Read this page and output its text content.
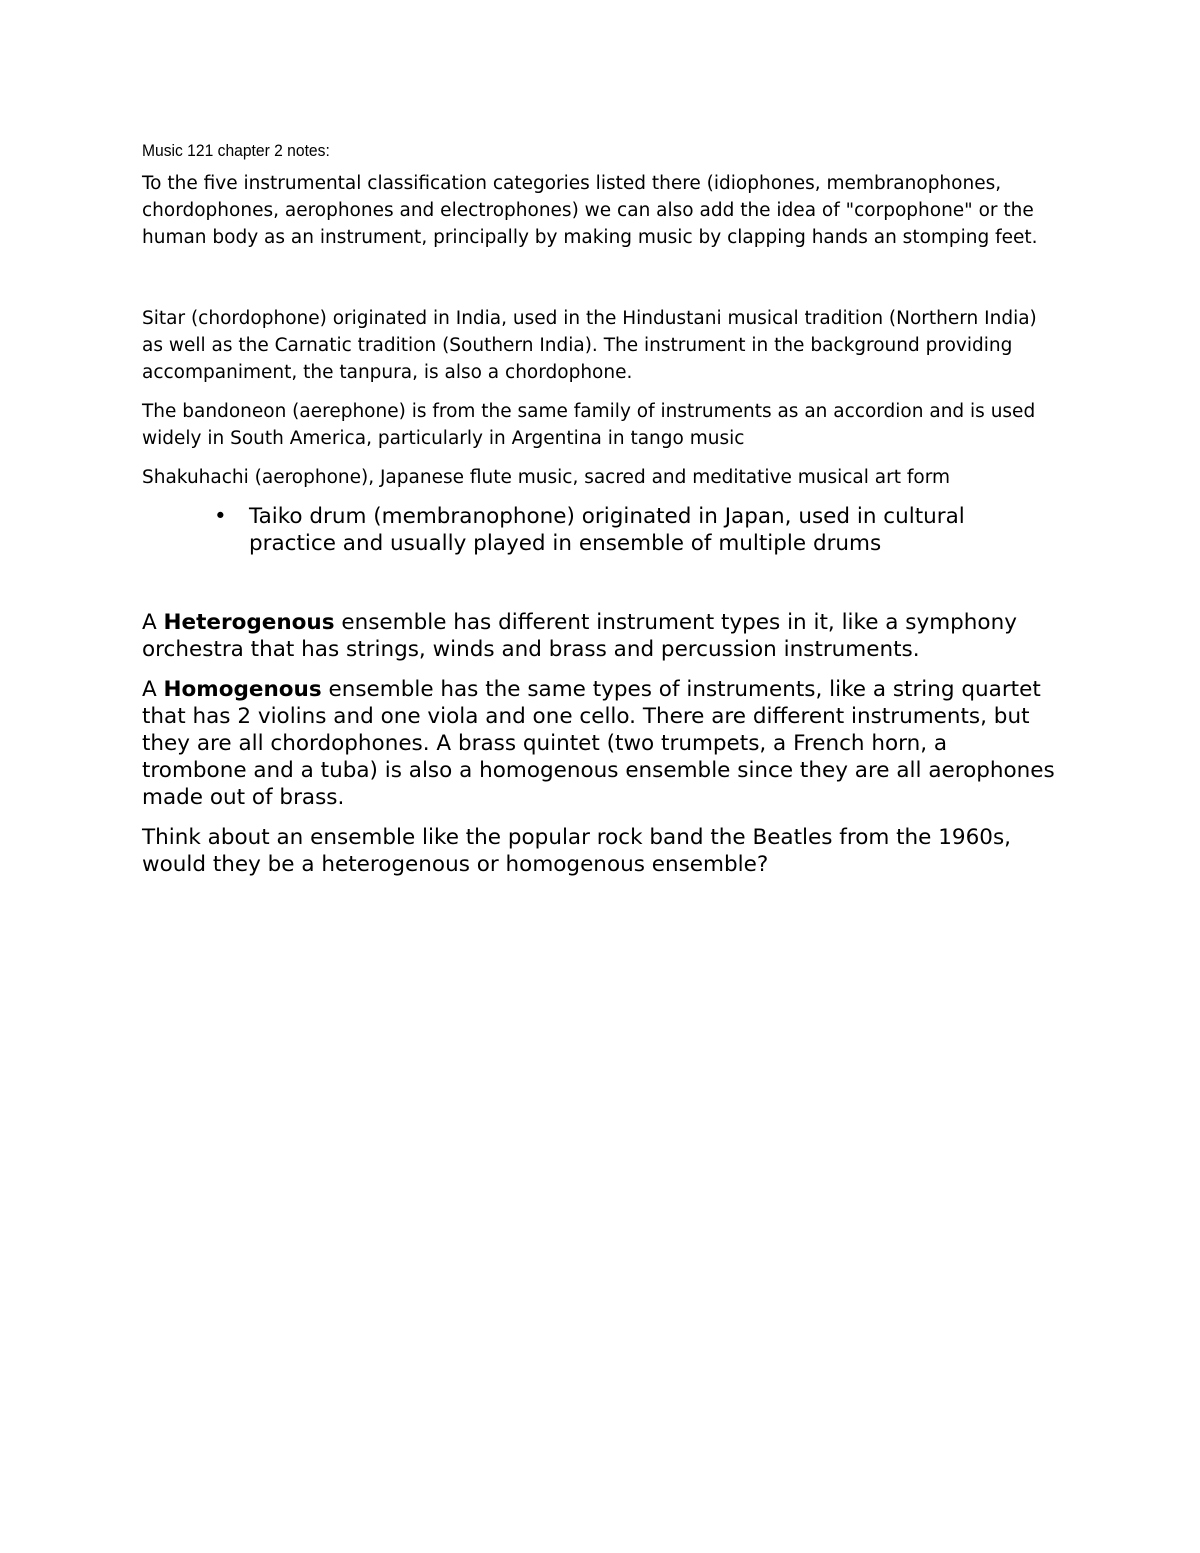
Music 121 chapter 2 notes:

To the five instrumental classification categories listed there (idiophones, membranophones, chordophones, aerophones and electrophones) we can also add the idea of "corpophone" or the human body as an instrument, principally by making music by clapping hands an stomping feet.

Sitar (chordophone) originated in India, used in the Hindustani musical tradition (Northern India) as well as the Carnatic tradition (Southern India). The instrument in the background providing accompaniment, the tanpura, is also a chordophone.

The bandoneon (aerephone) is from the same family of instruments as an accordion and is used widely in South America, particularly in Argentina in tango music

Shakuhachi (aerophone), Japanese flute music, sacred and meditative musical art form

• Taiko drum (membranophone) originated in Japan, used in cultural practice and usually played in ensemble of multiple drums

A Heterogenous ensemble has different instrument types in it, like a symphony orchestra that has strings, winds and brass and percussion instruments.

A Homogenous ensemble has the same types of instruments, like a string quartet that has 2 violins and one viola and one cello. There are different instruments, but they are all chordophones. A brass quintet (two trumpets, a French horn, a trombone and a tuba) is also a homogenous ensemble since they are all aerophones made out of brass.

Think about an ensemble like the popular rock band the Beatles from the 1960s, would they be a heterogenous or homogenous ensemble?
